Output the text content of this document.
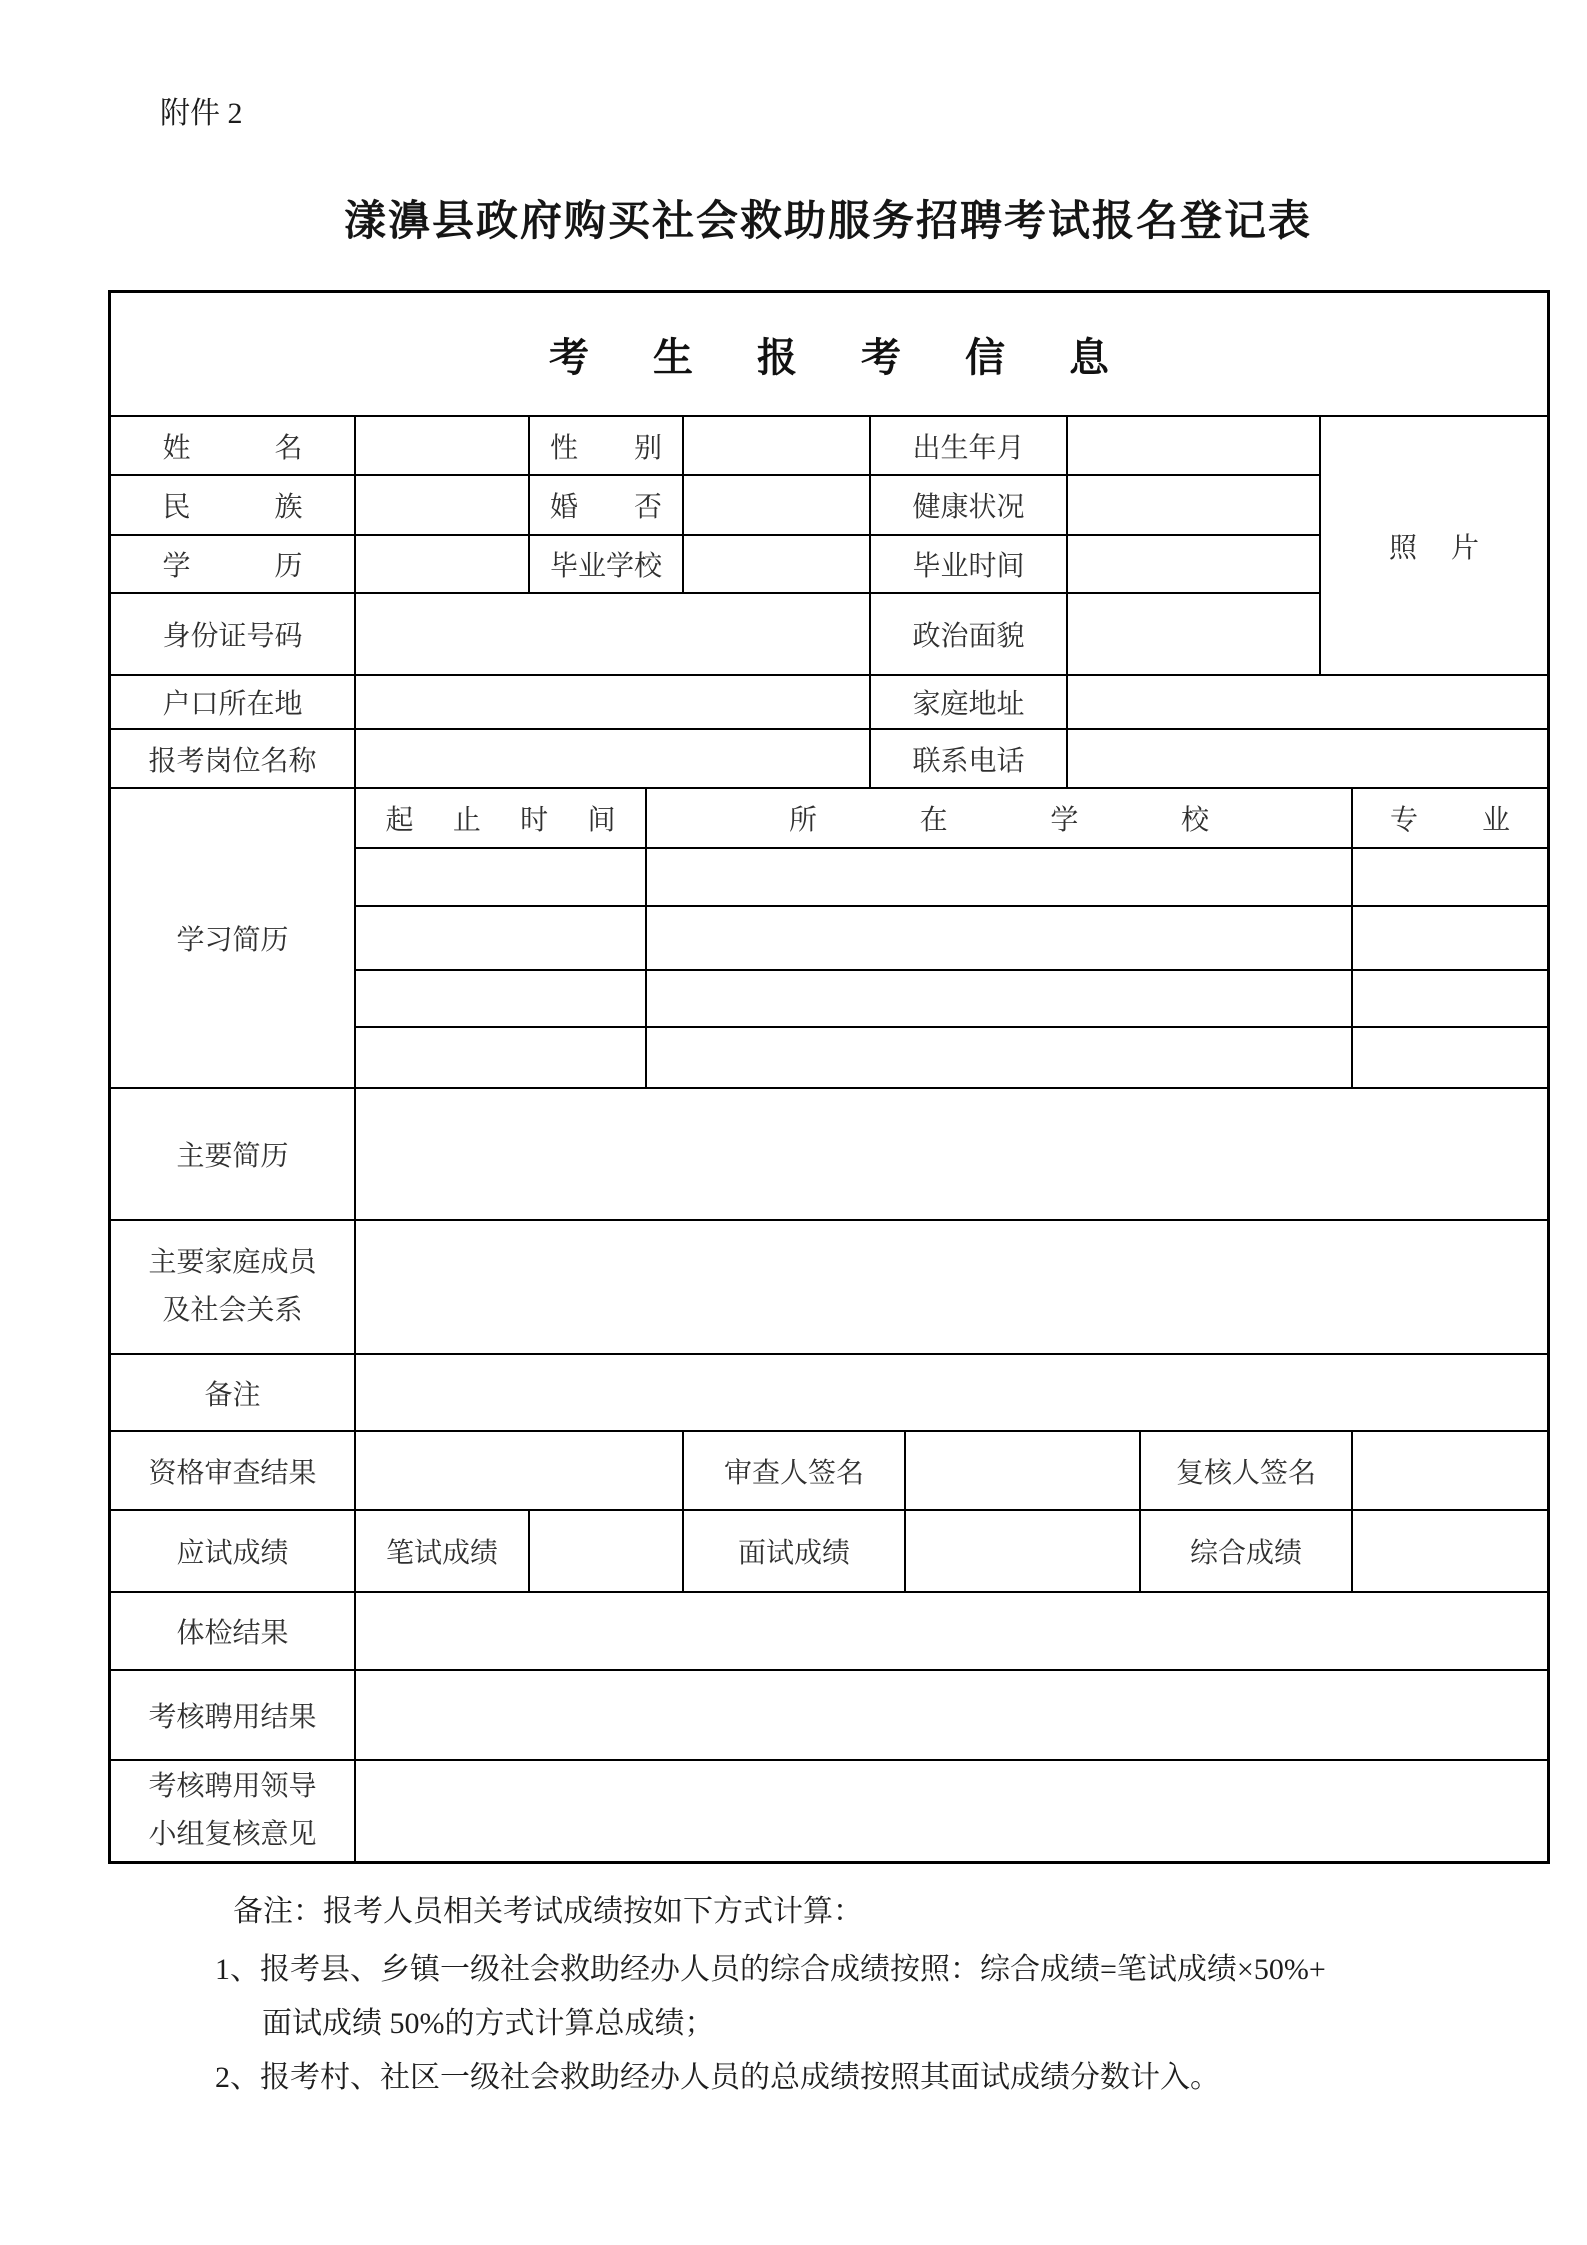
附件 2
漾濞县政府购买社会救助服务招聘考试报名登记表
考生报考信息
姓名	性别	出生年月
照片
民族	婚否	健康状况
学历	毕业学校	毕业时间
身份证号码	政治面貌
户口所在地	家庭地址
报考岗位名称	联系电话
学习简历
起止时间	所在学校	专业
主要简历
主要家庭成员
及社会关系
备注
资格审查结果	审查人签名	复核人签名
应试成绩	笔试成绩	面试成绩	综合成绩
体检结果
考核聘用结果
考核聘用领导
小组复核意见
备注：报考人员相关考试成绩按如下方式计算：
1、报考县、乡镇一级社会救助经办人员的综合成绩按照：综合成绩=笔试成绩×50%+
面试成绩 50%的方式计算总成绩；
2、报考村、社区一级社会救助经办人员的总成绩按照其面试成绩分数计入。
